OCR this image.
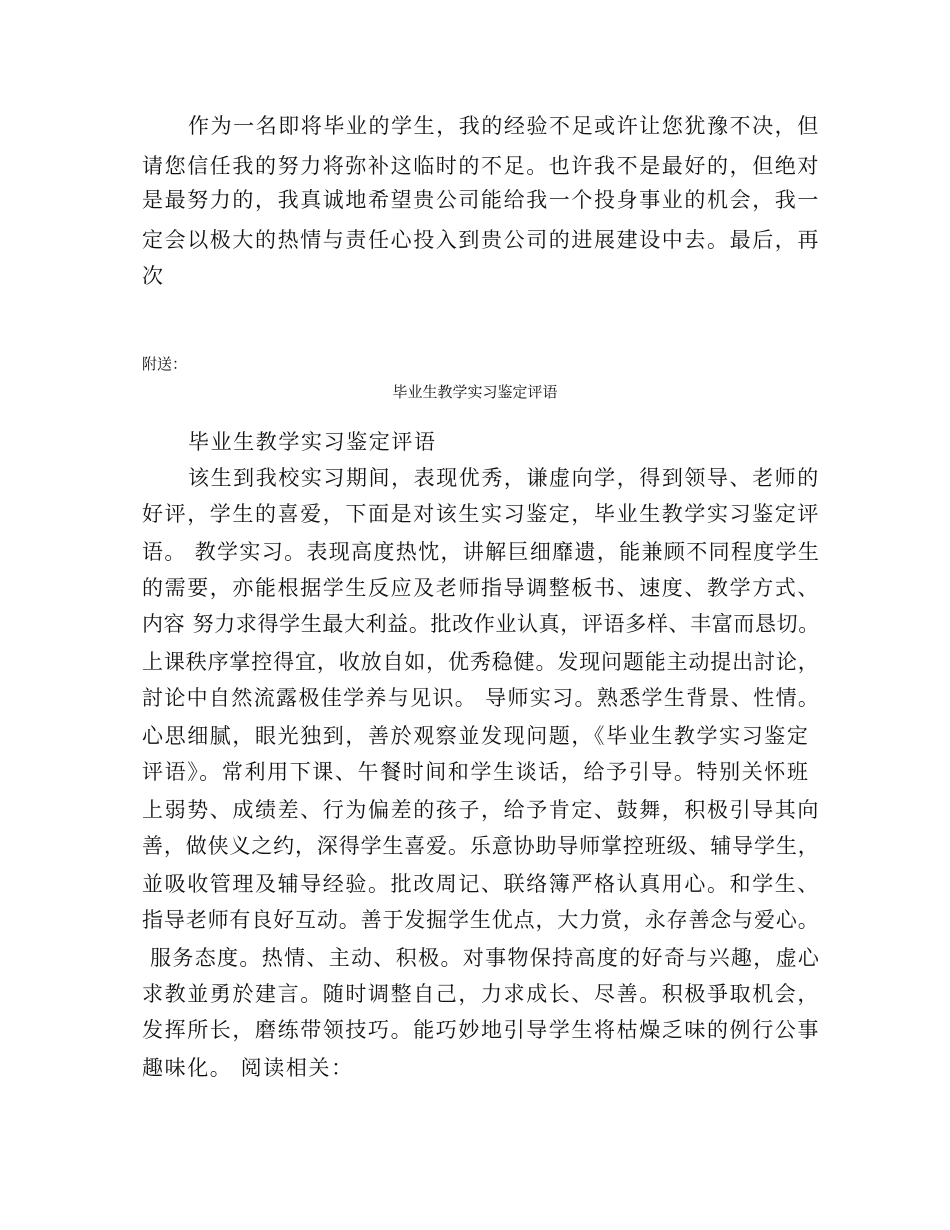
作为一名即将毕业的学生，我的经验不足或许让您犹豫不决，但
请您信任我的努力将弥补这临时的不足。也许我不是最好的，但绝对
是最努力的，我真诚地希望贵公司能给我一个投身事业的机会，我一
定会以极大的热情与责任心投入到贵公司的进展建设中去。最后，再
次
附送：
毕业生教学实习鉴定评语
毕业生教学实习鉴定评语
该生到我校实习期间，表现优秀，谦虚向学，得到领导、老师的
好评，学生的喜爱，下面是对该生实习鉴定，毕业生教学实习鉴定评
语。 教学实习。表现高度热忱，讲解巨细靡遗，能兼顾不同程度学生
的需要，亦能根据学生反应及老师指导调整板书、速度、教学方式、
内容 努力求得学生最大利益。批改作业认真，评语多样、丰富而恳切。
上课秩序掌控得宜，收放自如，优秀稳健。发现问题能主动提出討论，
討论中自然流露极佳学养与见识。 导师实习。熟悉学生背景、性情。
心思细腻，眼光独到，善於观察並发现问题，《毕业生教学实习鉴定
评语》。常利用下课、午餐时间和学生谈话，给予引导。特别关怀班
上弱势、成绩差、行为偏差的孩子，给予肯定、鼓舞，积极引导其向
善，做侠义之约，深得学生喜爱。乐意协助导师掌控班级、辅导学生，
並吸收管理及辅导经验。批改周记、联络簿严格认真用心。和学生、
指导老师有良好互动。善于发掘学生优点，大力赏，永存善念与爱心。
服务态度。热情、主动、积极。对事物保持高度的好奇与兴趣，虚心
求教並勇於建言。随时调整自己，力求成长、尽善。积极爭取机会，
发挥所长，磨练带领技巧。能巧妙地引导学生将枯燥乏味的例行公事
趣味化。 阅读相关：
